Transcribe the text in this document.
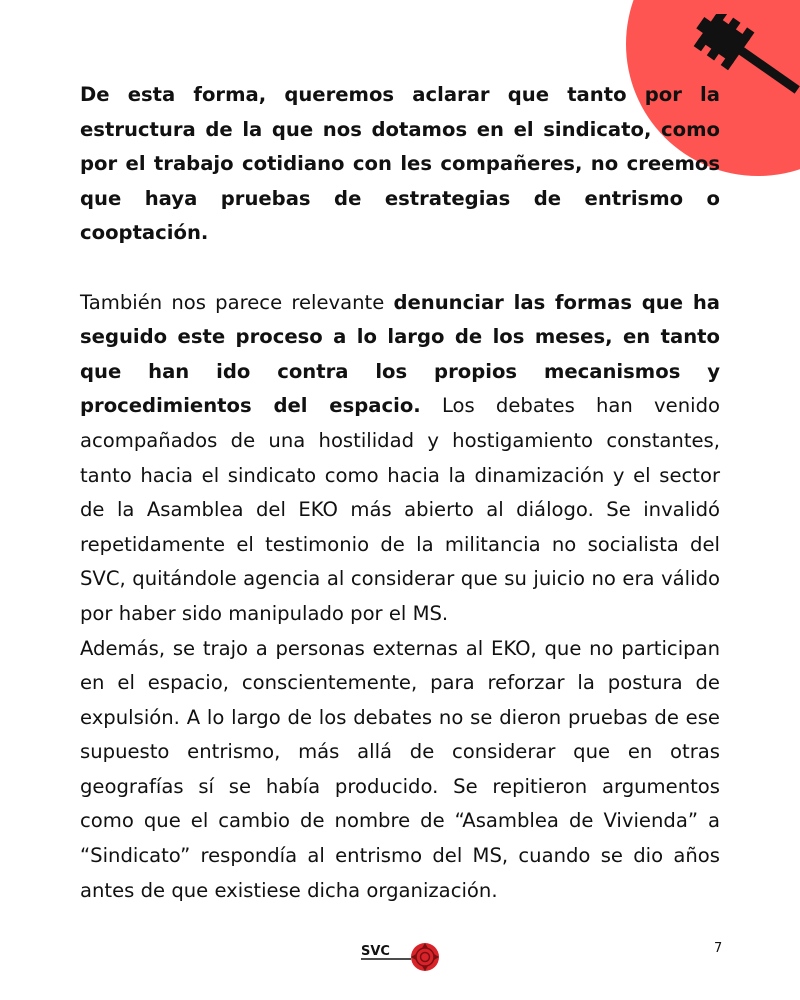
De esta forma, queremos aclarar que tanto por la estructura de la que nos dotamos en el sindicato, como por el trabajo cotidiano con les compañeres, no creemos que haya pruebas de estrategias de entrismo o cooptación.

También nos parece relevante denunciar las formas que ha seguido este proceso a lo largo de los meses, en tanto que han ido contra los propios mecanismos y procedimientos del espacio. Los debates han venido acompañados de una hostilidad y hostigamiento constantes, tanto hacia el sindicato como hacia la dinamización y el sector de la Asamblea del EKO más abierto al diálogo. Se invalidó repetidamente el testimonio de la militancia no socialista del SVC, quitándole agencia al considerar que su juicio no era válido por haber sido manipulado por el MS.

Además, se trajo a personas externas al EKO, que no participan en el espacio, conscientemente, para reforzar la postura de expulsión. A lo largo de los debates no se dieron pruebas de ese supuesto entrismo, más allá de considerar que en otras geografías sí se había producido. Se repitieron argumentos como que el cambio de nombre de “Asamblea de Vivienda” a “Sindicato” respondía al entrismo del MS, cuando se dio años antes de que existiese dicha organización.

SVC	7
